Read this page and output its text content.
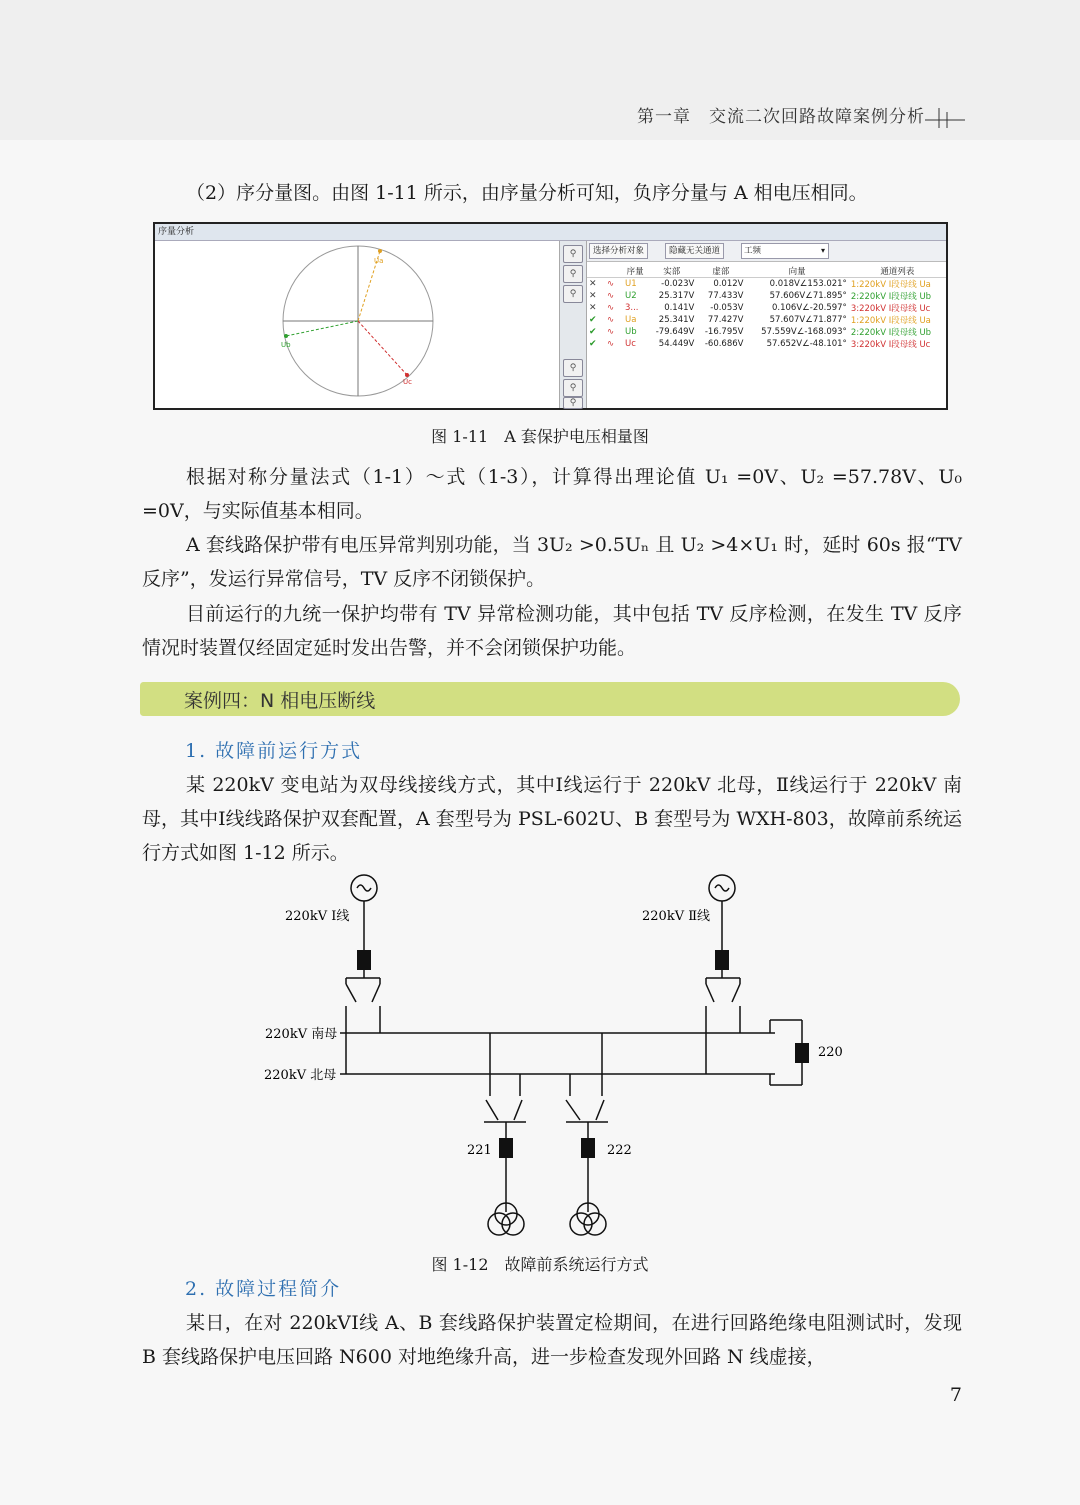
第一章　交流二次回路故障案例分析
（2）序分量图。由图 1-11 所示，由序量分析可知，负序分量与 A 相电压相同。
序量分析
Ua
Ub
Uc
⚲
⚲
⚲
⚲
⚲
⚲
选择分析对象	隐藏无关通道	工频 ▾
		序量	实部	虚部	向量	通道列表
✕	∿	U1	-0.023V	0.012V	0.018V∠153.021°	1:220kV I段母线 Ua
✕	∿	U2	25.317V	77.433V	57.606V∠71.895°	2:220kV I段母线 Ub
✕	∿	3...	0.141V	-0.053V	0.106V∠-20.597°	3:220kV I段母线 Uc
✔	∿	Ua	25.341V	77.427V	57.607V∠71.877°	1:220kV I段母线 Ua
✔	∿	Ub	-79.649V	-16.795V	57.559V∠-168.093°	2:220kV I段母线 Ub
✔	∿	Uc	54.449V	-60.686V	57.652V∠-48.101°	3:220kV I段母线 Uc
图 1-11　A 套保护电压相量图
根据对称分量法式（1-1）～式（1-3），计算得出理论值 U₁ =0V、U₂ =57.78V、U₀ =0V，与实际值基本相同。
A 套线路保护带有电压异常判别功能，当 3U₂ >0.5Uₙ 且 U₂ >4×U₁ 时，延时 60s 报“TV 反序”，发运行异常信号，TV 反序不闭锁保护。
目前运行的九统一保护均带有 TV 异常检测功能，其中包括 TV 反序检测，在发生 TV 反序情况时装置仅经固定延时发出告警，并不会闭锁保护功能。
案例四：N 相电压断线
1. 故障前运行方式
某 220kV 变电站为双母线接线方式，其中Ⅰ线运行于 220kV 北母，Ⅱ线运行于 220kV 南母，其中Ⅰ线线路保护双套配置，A 套型号为 PSL-602U、B 套型号为 WXH-803，故障前系统运行方式如图 1-12 所示。
220kV Ⅰ线	220kV Ⅱ线
220kV 南母
220kV 北母
220
221	222
图 1-12　故障前系统运行方式
2. 故障过程简介
某日，在对 220kVⅠ线 A、B 套线路保护装置定检期间，在进行回路绝缘电阻测试时，发现 B 套线路保护电压回路 N600 对地绝缘升高，进一步检查发现外回路 N 线虚接，
7
